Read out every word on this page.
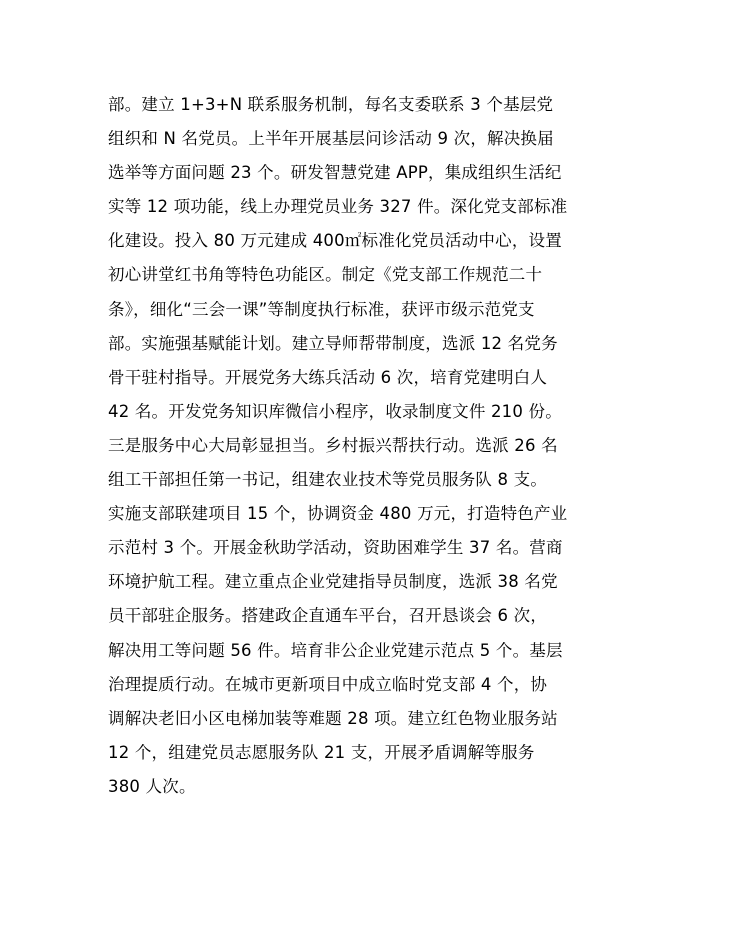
部。建立 1+3+N 联系服务机制，每名支委联系 3 个基层党
组织和 N 名党员。上半年开展基层问诊活动 9 次，解决换届
选举等方面问题 23 个。研发智慧党建 APP，集成组织生活纪
实等 12 项功能，线上办理党员业务 327 件。深化党支部标准
化建设。投入 80 万元建成 400㎡标准化党员活动中心，设置
初心讲堂红书角等特色功能区。制定《党支部工作规范二十
条》，细化“三会一课”等制度执行标准，获评市级示范党支
部。实施强基赋能计划。建立导师帮带制度，选派 12 名党务
骨干驻村指导。开展党务大练兵活动 6 次，培育党建明白人
42 名。开发党务知识库微信小程序，收录制度文件 210 份。
三是服务中心大局彰显担当。乡村振兴帮扶行动。选派 26 名
组工干部担任第一书记，组建农业技术等党员服务队 8 支。
实施支部联建项目 15 个，协调资金 480 万元，打造特色产业
示范村 3 个。开展金秋助学活动，资助困难学生 37 名。营商
环境护航工程。建立重点企业党建指导员制度，选派 38 名党
员干部驻企服务。搭建政企直通车平台，召开恳谈会 6 次，
解决用工等问题 56 件。培育非公企业党建示范点 5 个。基层
治理提质行动。在城市更新项目中成立临时党支部 4 个，协
调解决老旧小区电梯加装等难题 28 项。建立红色物业服务站
12 个，组建党员志愿服务队 21 支，开展矛盾调解等服务
380 人次。
